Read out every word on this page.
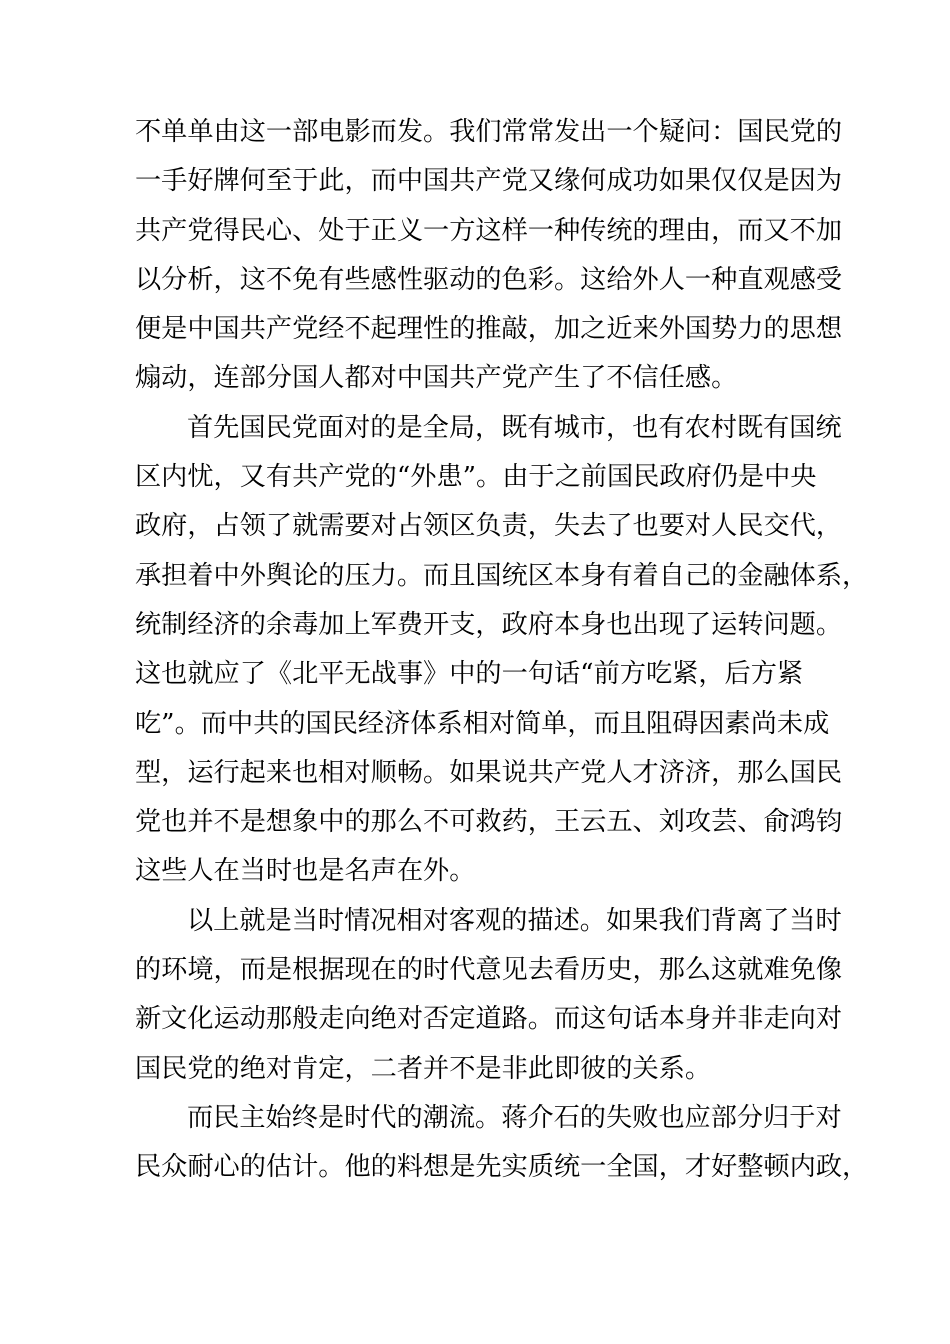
不单单由这一部电影而发。我们常常发出一个疑问：国民党的
一手好牌何至于此，而中国共产党又缘何成功如果仅仅是因为
共产党得民心、处于正义一方这样一种传统的理由，而又不加
以分析，这不免有些感性驱动的色彩。这给外人一种直观感受
便是中国共产党经不起理性的推敲，加之近来外国势力的思想
煽动，连部分国人都对中国共产党产生了不信任感。
首先国民党面对的是全局，既有城市，也有农村既有国统
区内忧，又有共产党的“外患”。由于之前国民政府仍是中央
政府，占领了就需要对占领区负责，失去了也要对人民交代，
承担着中外舆论的压力。而且国统区本身有着自己的金融体系，
统制经济的余毒加上军费开支，政府本身也出现了运转问题。
这也就应了《北平无战事》中的一句话“前方吃紧，后方紧
吃”。而中共的国民经济体系相对简单，而且阻碍因素尚未成
型，运行起来也相对顺畅。如果说共产党人才济济，那么国民
党也并不是想象中的那么不可救药，王云五、刘攻芸、俞鸿钧
这些人在当时也是名声在外。
以上就是当时情况相对客观的描述。如果我们背离了当时
的环境，而是根据现在的时代意见去看历史，那么这就难免像
新文化运动那般走向绝对否定道路。而这句话本身并非走向对
国民党的绝对肯定，二者并不是非此即彼的关系。
而民主始终是时代的潮流。蒋介石的失败也应部分归于对
民众耐心的估计。他的料想是先实质统一全国，才好整顿内政，
